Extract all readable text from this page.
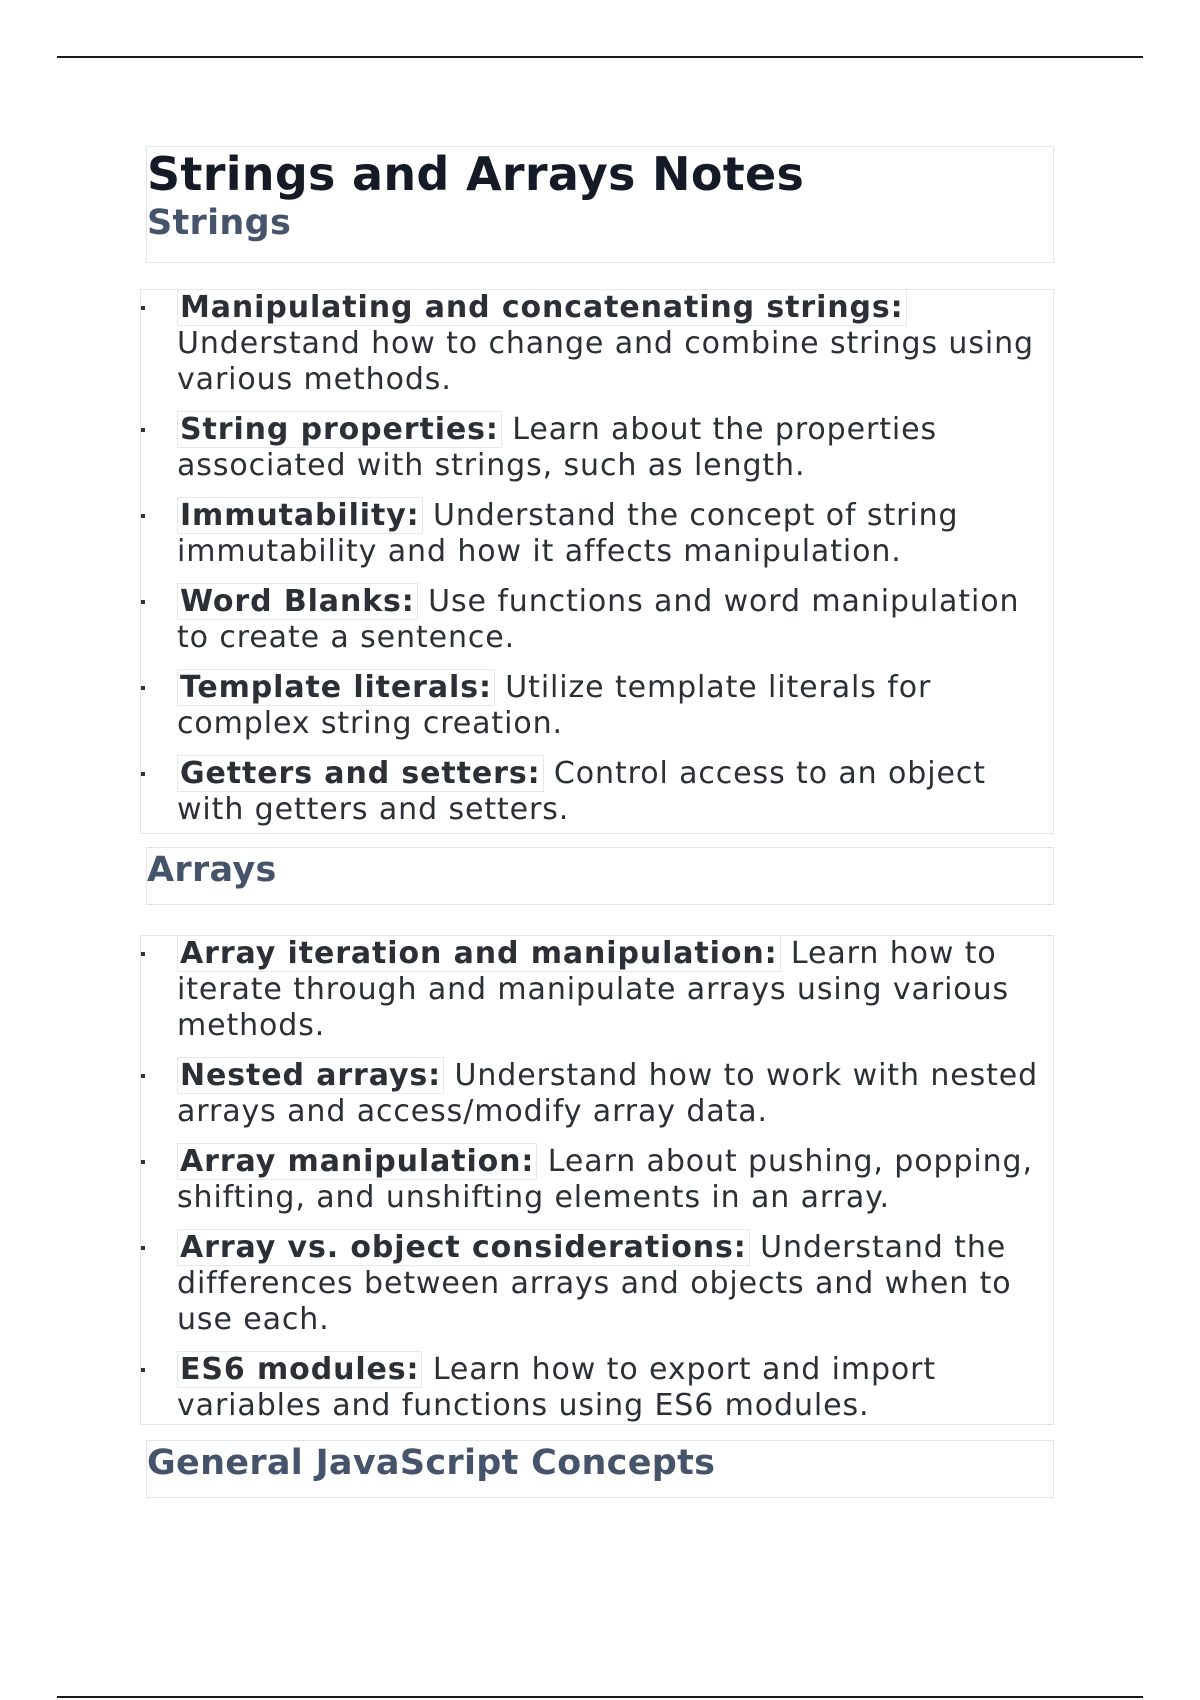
Strings and Arrays Notes
Strings
Manipulating and concatenating strings: Understand how to change and combine strings using various methods.
String properties: Learn about the properties associated with strings, such as length.
Immutability: Understand the concept of string immutability and how it affects manipulation.
Word Blanks: Use functions and word manipulation to create a sentence.
Template literals: Utilize template literals for complex string creation.
Getters and setters: Control access to an object with getters and setters.
Arrays
Array iteration and manipulation: Learn how to iterate through and manipulate arrays using various methods.
Nested arrays: Understand how to work with nested arrays and access/modify array data.
Array manipulation: Learn about pushing, popping, shifting, and unshifting elements in an array.
Array vs. object considerations: Understand the differences between arrays and objects and when to use each.
ES6 modules: Learn how to export and import variables and functions using ES6 modules.
General JavaScript Concepts
